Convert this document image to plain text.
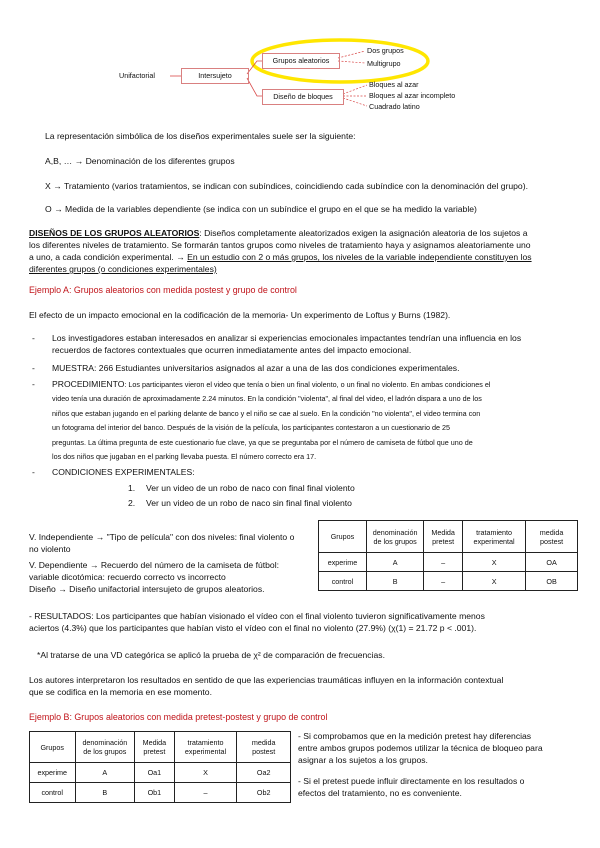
Unifactorial	Intersujeto
Grupos aleatorios
Diseño de bloques
Dos grupos
Multigrupo
Bloques al azar
Bloques al azar incompleto
Cuadrado latino
La representación simbólica de los diseños experimentales suele ser la siguiente:
A,B, … → Denominación de los diferentes grupos
X → Tratamiento (varios tratamientos, se indican con subíndices, coincidiendo cada subíndice con la denominación del grupo).
O → Medida de la variables dependiente (se indica con un subíndice el grupo en el que se ha medido la variable)
DISEÑOS DE LOS GRUPOS ALEATORIOS: Diseños completamente aleatorizados exigen la asignación aleatoria de los sujetos a
los diferentes niveles de tratamiento. Se formarán tantos grupos como niveles de tratamiento haya y asignamos aleatoriamente uno
a uno, a cada condición experimental. → En un estudio con 2 o más grupos, los niveles de la variable independiente constituyen los
diferentes grupos (o condiciones experimentales)
Ejemplo A: Grupos aleatorios con medida postest y grupo de control
El efecto de un impacto emocional en la codificación de la memoria- Un experimento de Loftus y Burns (1982).
- Los investigadores estaban interesados en analizar si experiencias emocionales impactantes tendrían una influencia en los
recuerdos de factores contextuales que ocurren inmediatamente antes del impacto emocional.
- MUESTRA: 266 Estudiantes universitarios asignados al azar a una de las dos condiciones experimentales.
- PROCEDIMIENTO: Los participantes vieron el video que tenía o bien un final violento, o un final no violento. En ambas condiciones el
video tenía una duración de aproximadamente 2.24 minutos. En la condición "violenta", al final del video, el ladrón dispara a uno de los
niños que estaban jugando en el parking delante de banco y el niño se cae al suelo. En la condición "no violenta", el video termina con
un fotograma del interior del banco. Después de la visión de la película, los participantes contestaron a un cuestionario de 25
preguntas. La última pregunta de este cuestionario fue clave, ya que se preguntaba por el número de camiseta de fútbol que uno de
los dos niños que jugaban en el parking llevaba puesta. El número correcto era 17.
- CONDICIONES EXPERIMENTALES:
1. Ver un video de un robo de naco con final final violento
2. Ver un video de un robo de naco sin final final violento
V. Independiente → "Tipo de película" con dos niveles: final violento o
no violento
V. Dependiente → Recuerdo del número de la camiseta de fútbol:
variable dicotómica: recuerdo correcto vs incorrecto
Diseño → Diseño unifactorial intersujeto de grupos aleatorios.
Grupos	denominación de los grupos	Medida pretest	tratamiento experimental	medida postest
experime	A	–	X	OA
control	B	–	X	OB
- RESULTADOS: Los participantes que habían visionado el vídeo con el final violento tuvieron significativamente menos
aciertos (4.3%) que los participantes que habían visto el vídeo con el final no violento (27.9%) (χ(1) = 21.72 p < .001).
*Al tratarse de una VD categórica se aplicó la prueba de χ² de comparación de frecuencias.
Los autores interpretaron los resultados en sentido de que las experiencias traumáticas influyen en la información contextual
que se codifica en la memoria en ese momento.
Ejemplo B: Grupos aleatorios con medida pretest-postest y grupo de control
Grupos	denominación de los grupos	Medida pretest	tratamiento experimental	medida postest
experime	A	Oa1	X	Oa2
control	B	Ob1	–	Ob2
- Si comprobamos que en la medición pretest hay diferencias
entre ambos grupos podemos utilizar la técnica de bloqueo para
asignar a los sujetos a los grupos.
- Si el pretest puede influir directamente en los resultados o
efectos del tratamiento, no es conveniente.
